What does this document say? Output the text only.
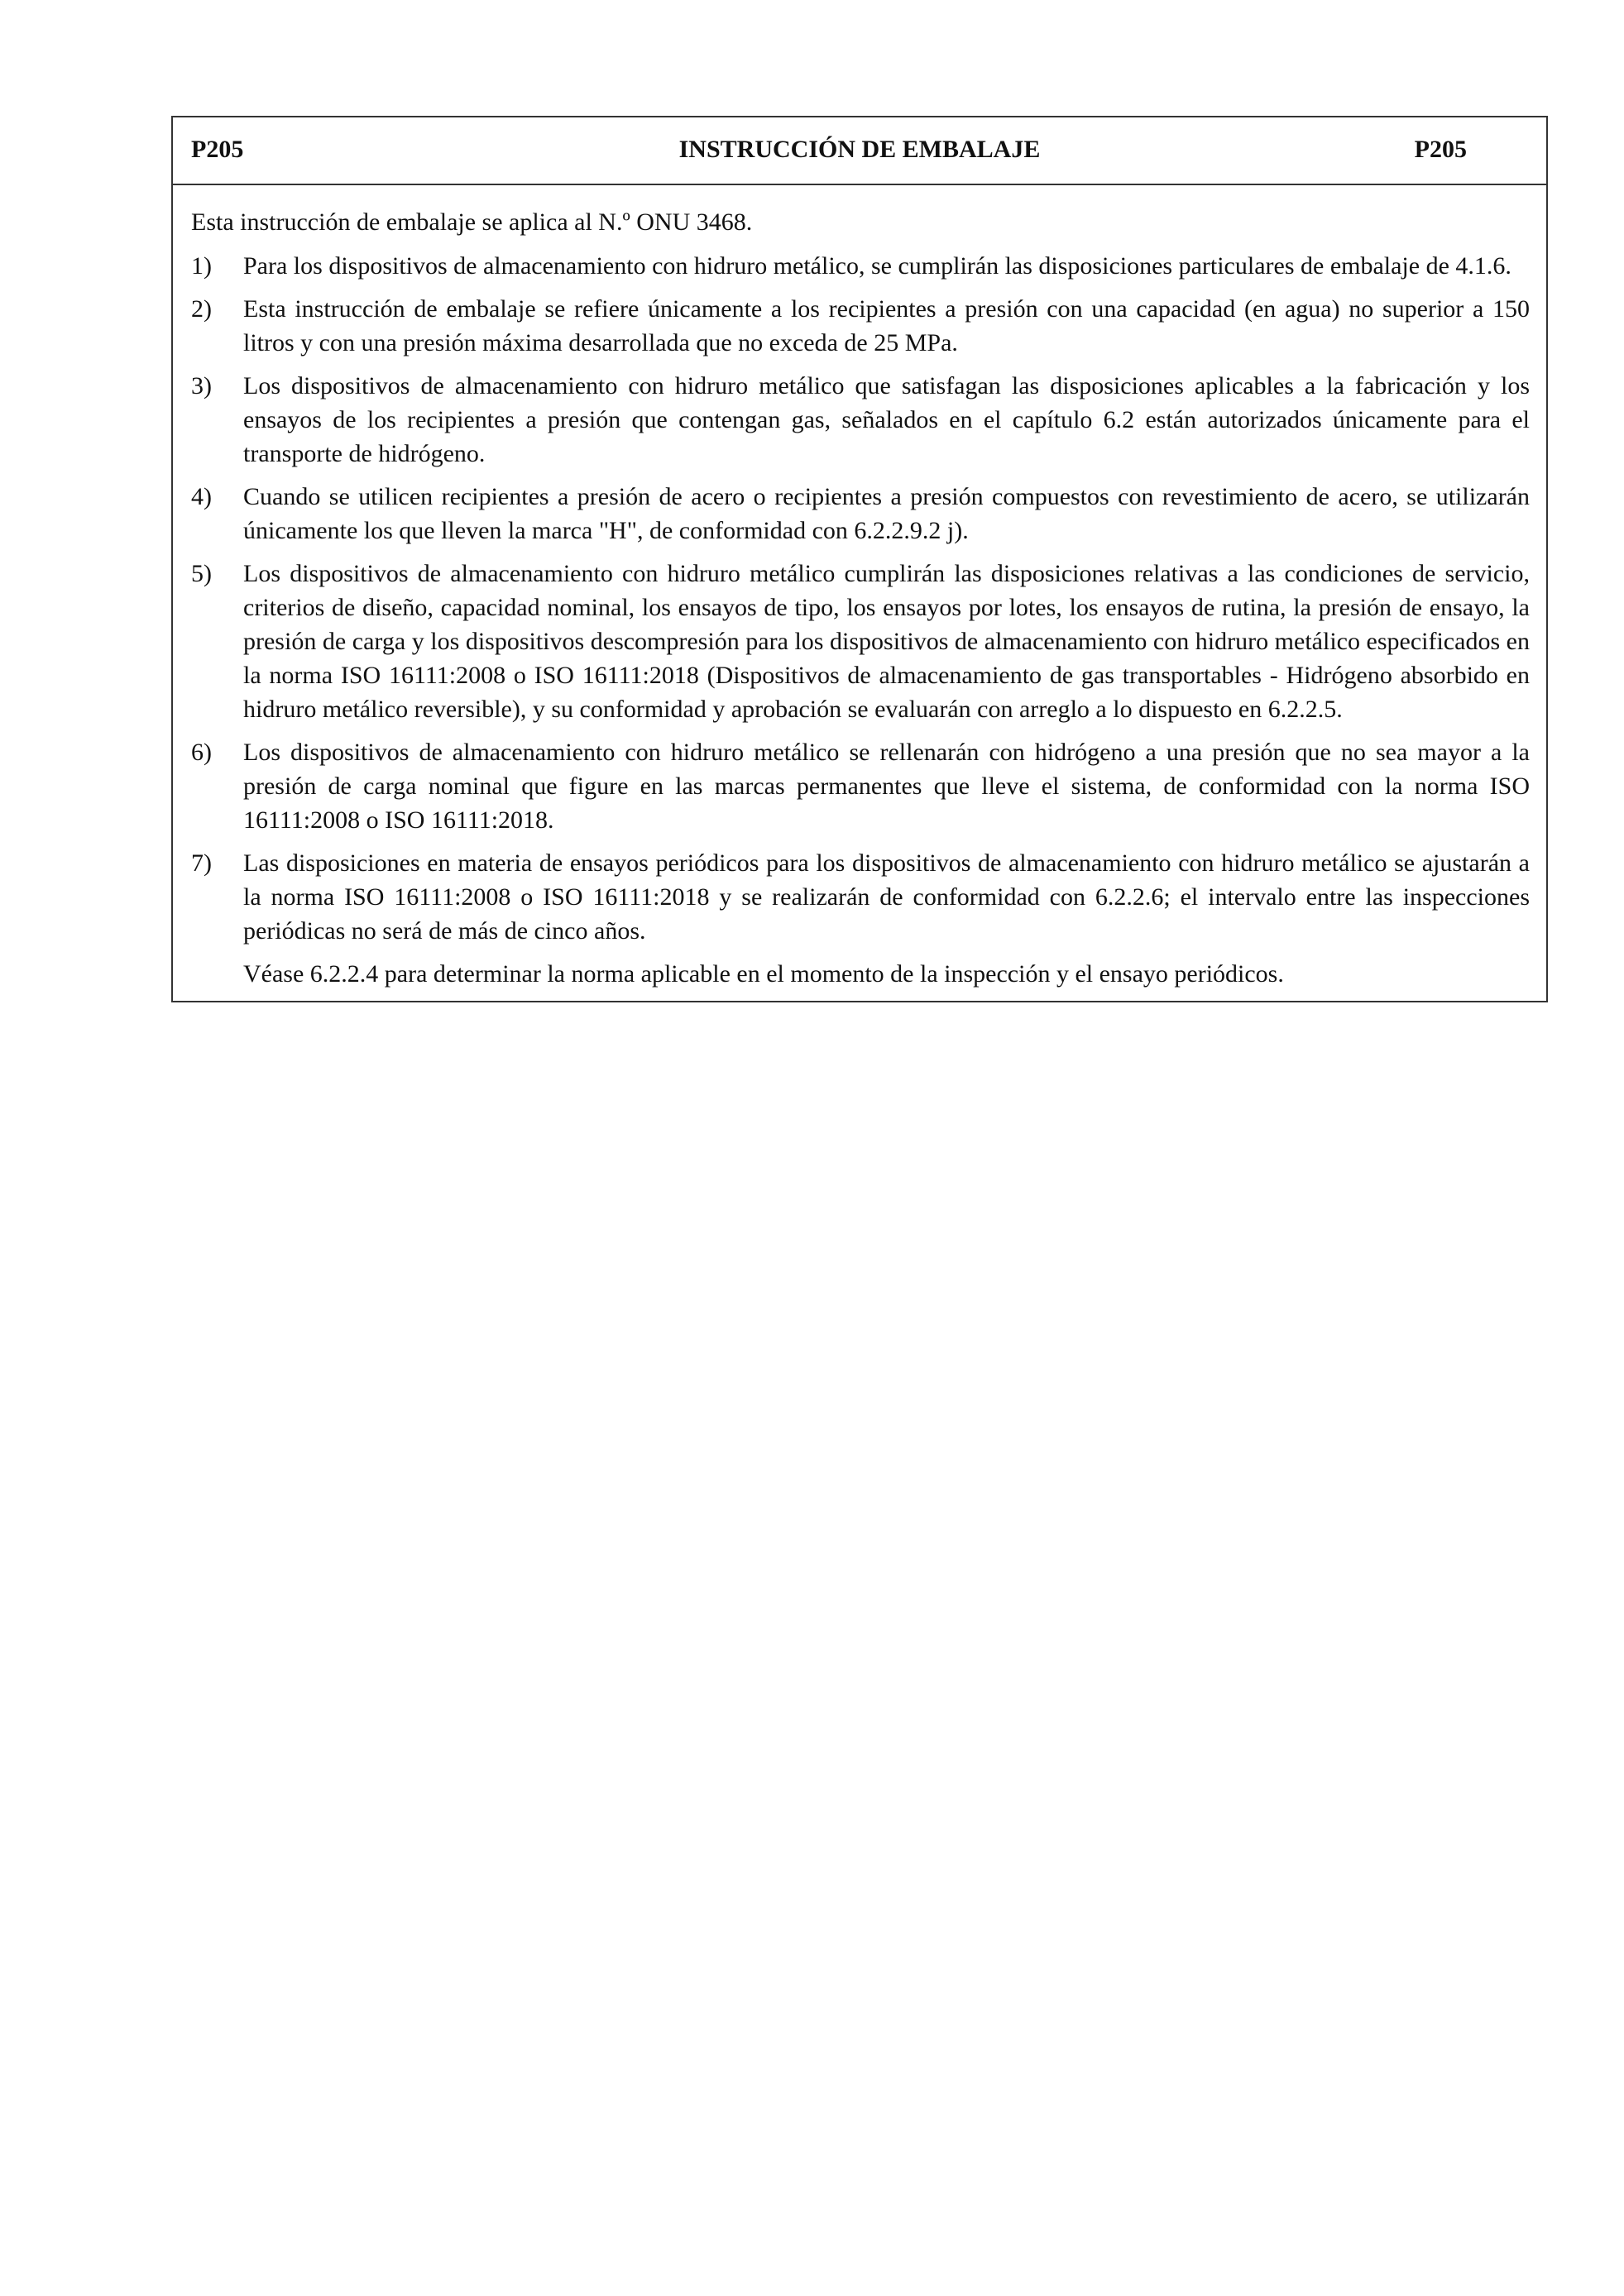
P205	INSTRUCCIÓN DE EMBALAJE	P205
Esta instrucción de embalaje se aplica al N.º ONU 3468.
1)	Para los dispositivos de almacenamiento con hidruro metálico, se cumplirán las disposiciones particulares de embalaje de 4.1.6.
2)	Esta instrucción de embalaje se refiere únicamente a los recipientes a presión con una capacidad (en agua) no superior a 150 litros y con una presión máxima desarrollada que no exceda de 25 MPa.
3)	Los dispositivos de almacenamiento con hidruro metálico que satisfagan las disposiciones aplicables a la fabricación y los ensayos de los recipientes a presión que contengan gas, señalados en el capítulo 6.2 están autorizados únicamente para el transporte de hidrógeno.
4)	Cuando se utilicen recipientes a presión de acero o recipientes a presión compuestos con revestimiento de acero, se utilizarán únicamente los que lleven la marca "H", de conformidad con 6.2.2.9.2 j).
5)	Los dispositivos de almacenamiento con hidruro metálico cumplirán las disposiciones relativas a las condiciones de servicio, criterios de diseño, capacidad nominal, los ensayos de tipo, los ensayos por lotes, los ensayos de rutina, la presión de ensayo, la presión de carga y los dispositivos descompresión para los dispositivos de almacenamiento con hidruro metálico especificados en la norma ISO 16111:2008 o ISO 16111:2018 (Dispositivos de almacenamiento de gas transportables - Hidrógeno absorbido en hidruro metálico reversible), y su conformidad y aprobación se evaluarán con arreglo a lo dispuesto en 6.2.2.5.
6)	Los dispositivos de almacenamiento con hidruro metálico se rellenarán con hidrógeno a una presión que no sea mayor a la presión de carga nominal que figure en las marcas permanentes que lleve el sistema, de conformidad con la norma ISO 16111:2008 o ISO 16111:2018.
7)	Las disposiciones en materia de ensayos periódicos para los dispositivos de almacenamiento con hidruro metálico se ajustarán a la norma ISO 16111:2008 o ISO 16111:2018 y se realizarán de conformidad con 6.2.2.6; el intervalo entre las inspecciones periódicas no será de más de cinco años.
Véase 6.2.2.4 para determinar la norma aplicable en el momento de la inspección y el ensayo periódicos.
